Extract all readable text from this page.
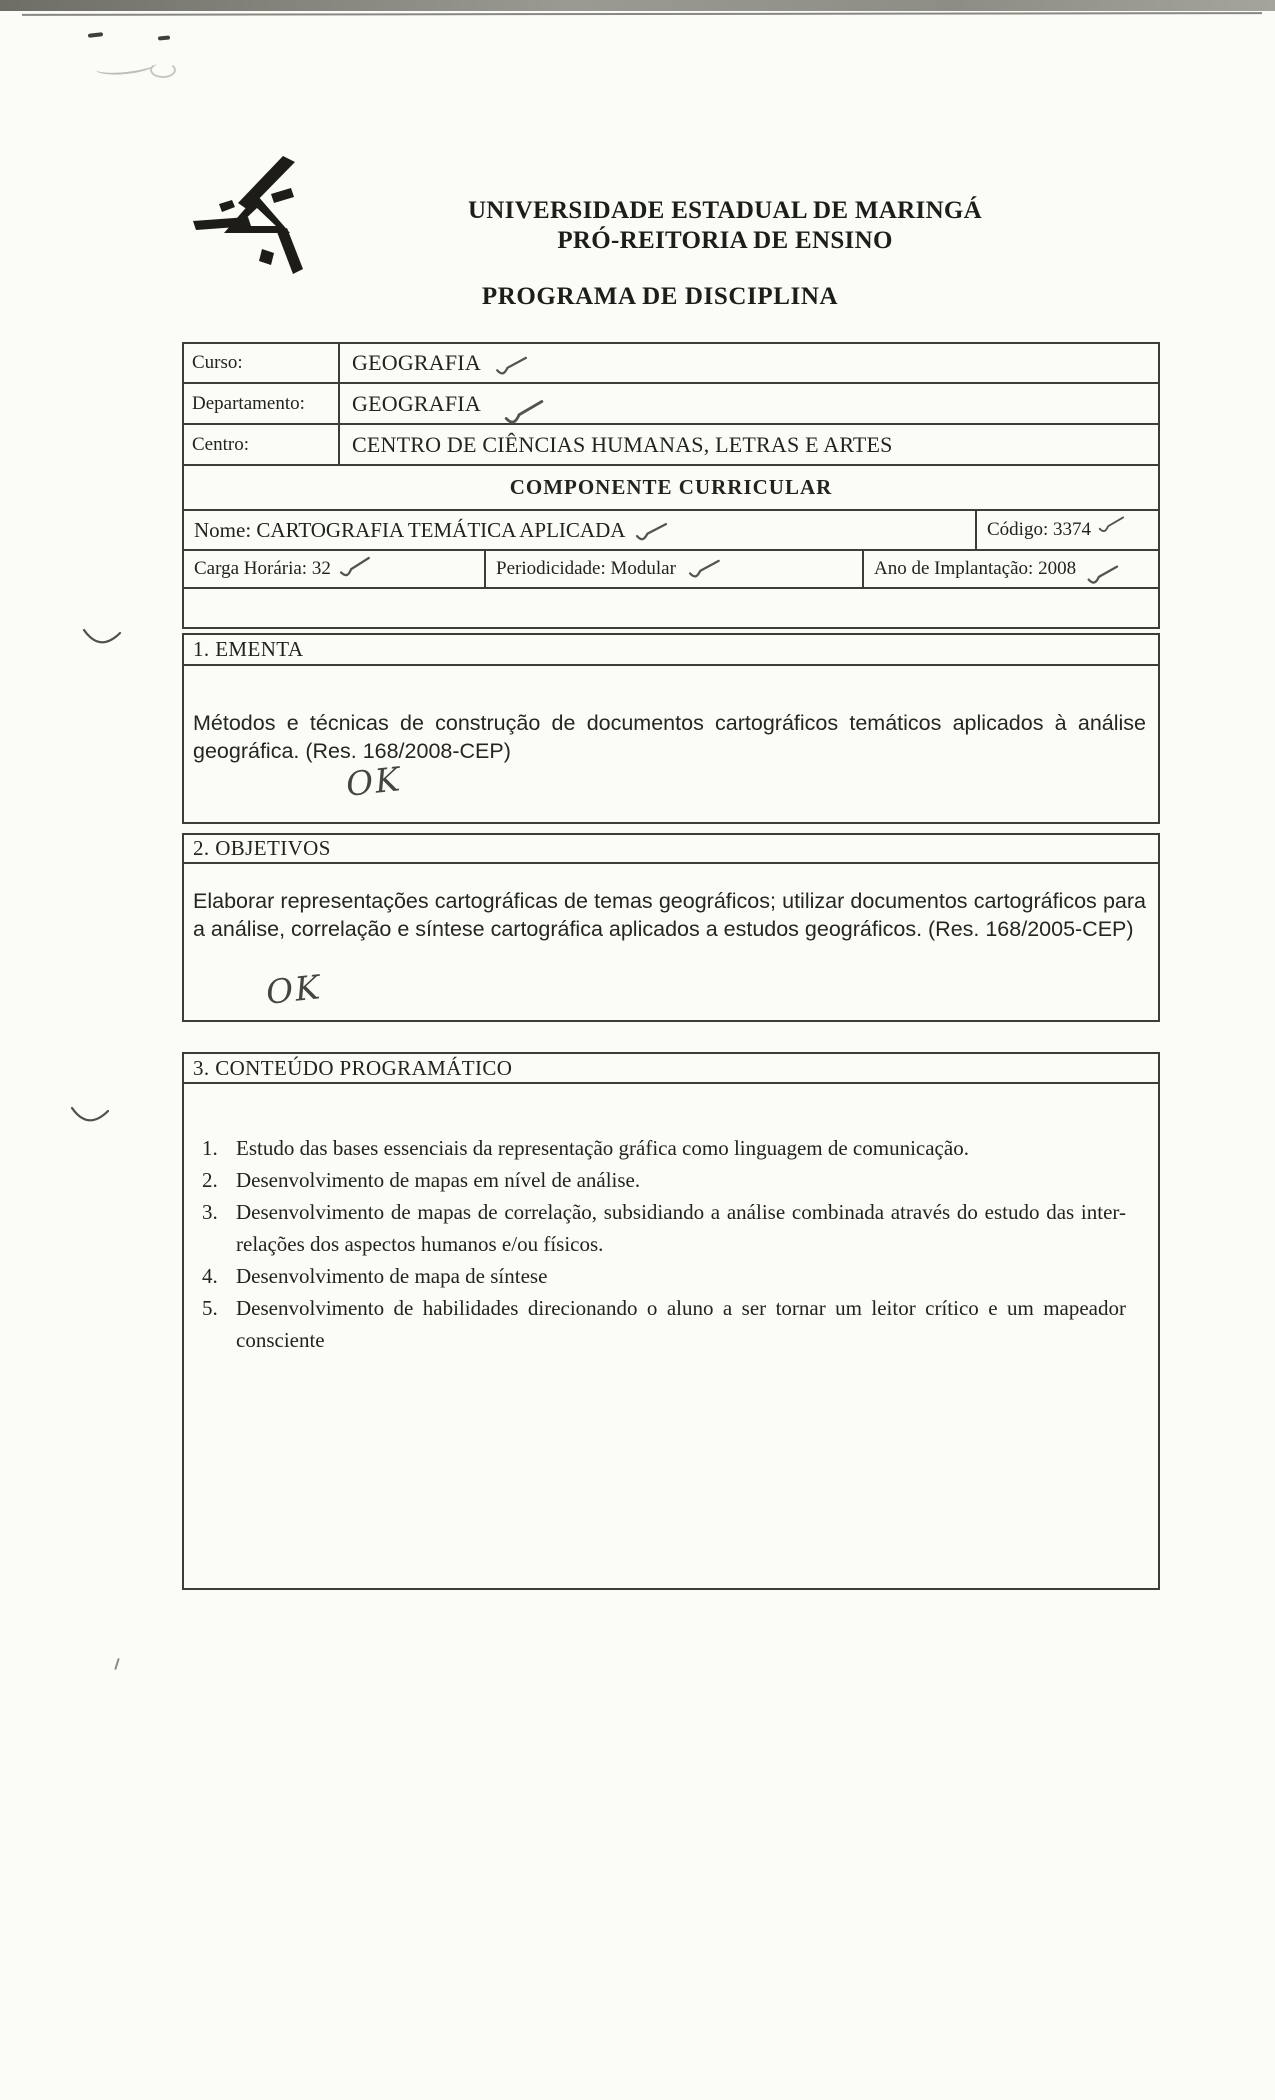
UNIVERSIDADE ESTADUAL DE MARINGÁ
PRÓ-REITORIA DE ENSINO
PROGRAMA DE DISCIPLINA
Curso:	GEOGRAFIA
Departamento:	GEOGRAFIA
Centro:	CENTRO DE CIÊNCIAS HUMANAS, LETRAS E ARTES
COMPONENTE CURRICULAR
Nome: CARTOGRAFIA TEMÁTICA APLICADA	Código: 3374
Carga Horária: 32	Periodicidade: Modular	Ano de Implantação: 2008
1. EMENTA

Métodos e técnicas de construção de documentos cartográficos temáticos aplicados à análise geográfica. (Res. 168/2008-CEP)

OK
2. OBJETIVOS

Elaborar representações cartográficas de temas geográficos; utilizar documentos cartográficos para a análise, correlação e síntese cartográfica aplicados a estudos geográficos. (Res. 168/2005-CEP)

OK
3. CONTEÚDO PROGRAMÁTICO
1. Estudo das bases essenciais da representação gráfica como linguagem de comunicação.
2. Desenvolvimento de mapas em nível de análise.
3. Desenvolvimento de mapas de correlação, subsidiando a análise combinada através do estudo das inter-relações dos aspectos humanos e/ou físicos.
4. Desenvolvimento de mapa de síntese
5. Desenvolvimento de habilidades direcionando o aluno a ser tornar um leitor crítico e um mapeador consciente
